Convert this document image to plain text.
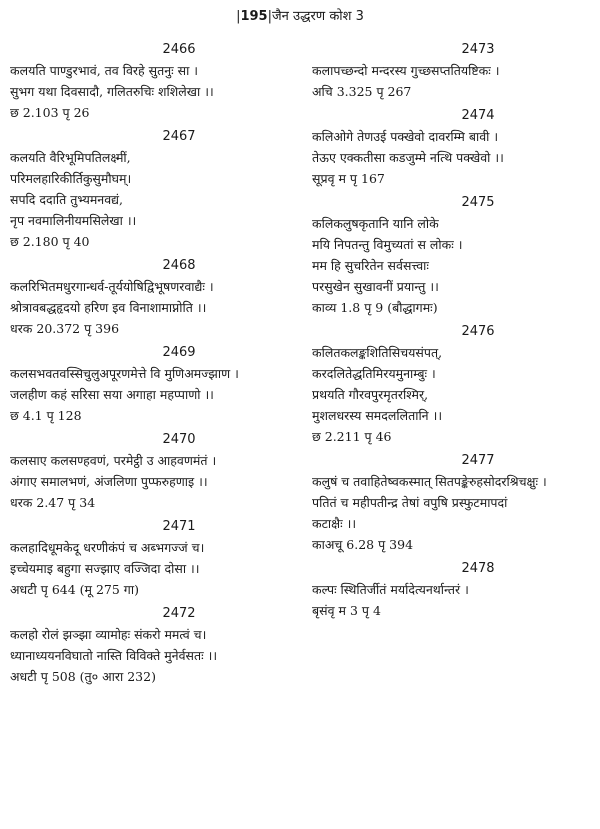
|195|जैन उद्धरण कोश 3
2466
कलयति पाण्डुरभावं, तव विरहे सुतनुः सा ।
सुभग यथा दिवसादौ, गलितरुचिः शशिलेखा ।।
छ 2.103 पृ 26
2467
कलयति वैरिभूमिपतिलक्ष्मीं,
परिमलहारिकीर्तिकुसुमौघम्।
सपदि ददाति तुभ्यमनवद्यं,
नृप नवमालिनीयमसिलेखा ।।
छ 2.180 पृ 40
2468
कलरिभितमधुरगान्धर्व-तूर्ययोषिद्विभूषणरवाद्यैः ।
श्रोत्रावबद्धहृदयो हरिण इव विनाशामाप्नोति ।।
धरक 20.372 पृ 396
2469
कलसभवतवस्सिचुलुअपूरणमेत्ते वि मुणिअमज्झाण ।
जलहीण कहं सरिसा सया अगाहा महप्पाणो ।।
छ 4.1 पृ 128
2470
कलसाए कलसण्हवणं, परमेट्ठी उ आहवणमंतं ।
अंगाए समालभणं, अंजलिणा पुप्फरुहणाइ ।।
धरक 2.47 पृ 34
2471
कलहादिधूमकेदू धरणीकंपं च अब्भगज्जं च।
इच्चेयमाइ बहुगा सज्झाए वज्जिदा दोसा ।।
अधटी पृ 644 (मू 275 गा)
2472
कलहो रोलं झञ्झा व्यामोहः संकरो ममत्वं च।
ध्यानाध्ययनविघातो नास्ति विविक्ते मुनेर्वसतः ।।
अधटी पृ 508 (तु० आरा 232)
2473
कलापच्छन्दो मन्दरस्य गुच्छसप्ततियष्टिकः ।
अचि 3.325 पृ 267
2474
कलिओगे तेणउई पक्खेवो दावरम्मि बावी ।
तेऊए एक्कतीसा कडजुम्मे नत्थि पक्खेवो ।।
सूप्रवृ म पृ 167
2475
कलिकलुषकृतानि यानि लोके
मयि निपतन्तु विमुच्यतां स लोकः ।
मम हि सुचरितेन सर्वसत्त्वाः
परसुखेन सुखावनीं प्रयान्तु ।।
काव्य 1.8 पृ 9 (बौद्धागमः)
2476
कलितकलङ्कशितिसिचयसंपत्,
करदलितेद्धतिमिरयमुनाम्बुः ।
प्रथयति गौरवपुरमृतरश्मिर्,
मुशलधरस्य समदललितानि ।।
छ 2.211 पृ 46
2477
कलुषं च तवाहितेष्वकस्मात् सितपङ्केरुहसोदरश्रिचक्षुः ।
पतितं च महीपतीन्द्र तेषां वपुषि प्रस्फुटमापदां
कटाक्षैः ।।
काअचू 6.28 पृ 394
2478
कल्पः स्थितिर्जीतं मर्यादेत्यनर्थान्तरं ।
बृसंवृ म 3 पृ 4
